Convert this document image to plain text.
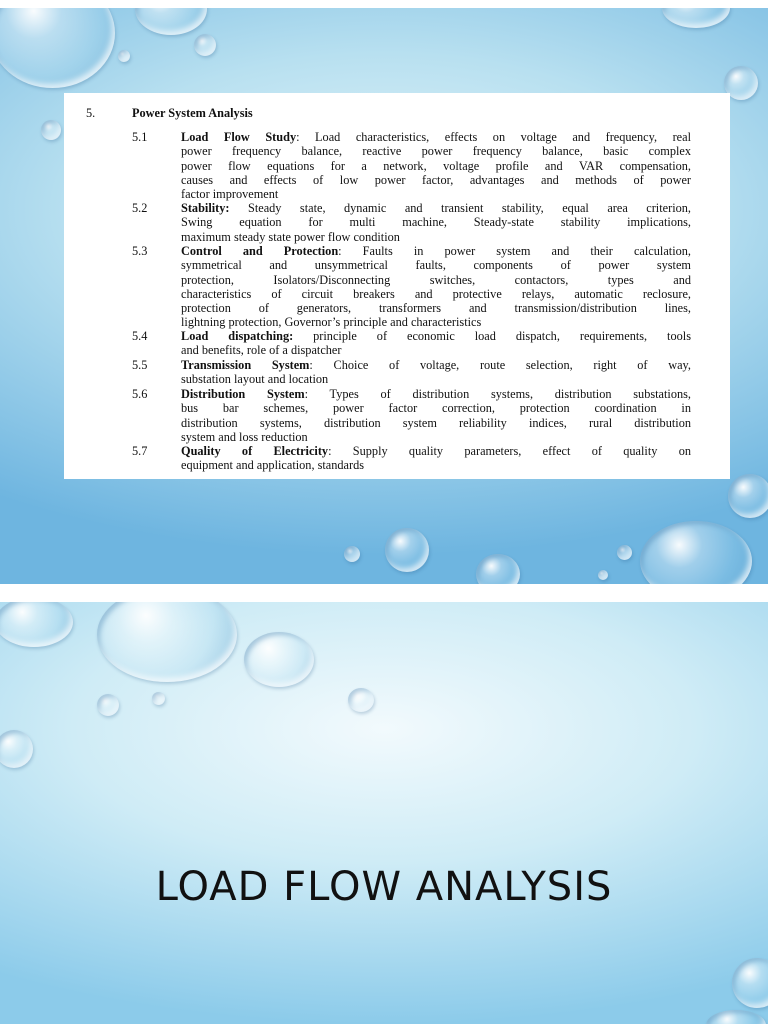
5.	Power System Analysis
5.1	Load Flow Study: Load characteristics, effects on voltage and frequency, real
power frequency balance, reactive power frequency balance, basic complex
power flow equations for a network, voltage profile and VAR compensation,
causes and effects of low power factor, advantages and methods of power
factor improvement
5.2	Stability: Steady state, dynamic and transient stability, equal area criterion,
Swing equation for multi machine, Steady-state stability implications,
maximum steady state power flow condition
5.3	Control and Protection: Faults in power system and their calculation,
symmetrical and unsymmetrical faults, components of power system
protection, Isolators/Disconnecting switches, contactors, types and
characteristics of circuit breakers and protective relays, automatic reclosure,
protection of generators, transformers and transmission/distribution lines,
lightning protection, Governor’s principle and characteristics
5.4	Load dispatching: principle of economic load dispatch, requirements, tools
and benefits, role of a dispatcher
5.5	Transmission System: Choice of voltage, route selection, right of way,
substation layout and location
5.6	Distribution System: Types of distribution systems, distribution substations,
bus bar schemes, power factor correction, protection coordination in
distribution systems, distribution system reliability indices, rural distribution
system and loss reduction
5.7	Quality of Electricity: Supply quality parameters, effect of quality on
equipment and application, standards
LOAD FLOW ANALYSIS
